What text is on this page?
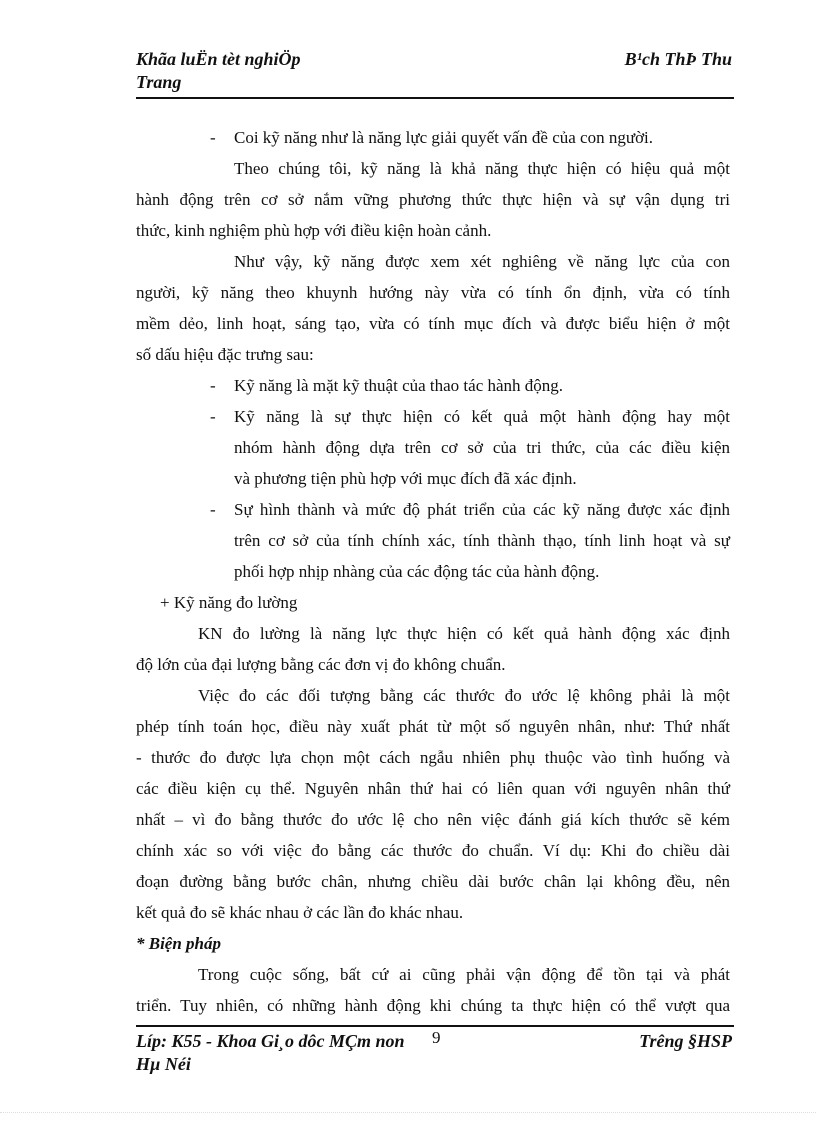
Khãa luËn tèt nghiÖp	B¹ch ThÞ Thu
Trang
- Coi kỹ năng như là năng lực giải quyết vấn đề của con người.
Theo chúng tôi, kỹ năng là khả năng thực hiện có hiệu quả một
hành động trên cơ sở nắm vững phương thức thực hiện và sự vận dụng tri
thức, kinh nghiệm phù hợp với điều kiện hoàn cảnh.
Như vậy, kỹ năng được xem xét nghiêng về năng lực của con
người, kỹ năng theo khuynh hướng này vừa có tính ổn định, vừa có tính
mềm dẻo, linh hoạt, sáng tạo, vừa có tính mục đích và được biểu hiện ở một
số dấu hiệu đặc trưng sau:
- Kỹ năng là mặt kỹ thuật của thao tác hành động.
- Kỹ năng là sự thực hiện có kết quả một hành động hay một
nhóm hành động dựa trên cơ sở của tri thức, của các điều kiện
và phương tiện phù hợp với mục đích đã xác định.
- Sự hình thành và mức độ phát triển của các kỹ năng được xác định
trên cơ sở của tính chính xác, tính thành thạo, tính linh hoạt và sự
phối hợp nhịp nhàng của các động tác của hành động.
+ Kỹ năng đo lường
KN đo lường là năng lực thực hiện có kết quả hành động xác định
độ lớn của đại lượng bằng các đơn vị đo không chuẩn.
Việc đo các đối tượng bằng các thước đo ước lệ không phải là một
phép tính toán học, điều này xuất phát từ một số nguyên nhân, như: Thứ nhất
- thước đo được lựa chọn một cách ngẫu nhiên phụ thuộc vào tình huống và
các điều kiện cụ thể. Nguyên nhân thứ hai có liên quan với nguyên nhân thứ
nhất – vì đo bằng thước đo ước lệ cho nên việc đánh giá kích thước sẽ kém
chính xác so với việc đo bằng các thước đo chuẩn. Ví dụ: Khi đo chiều dài
đoạn đường bằng bước chân, nhưng chiều dài bước chân lại không đều, nên
kết quả đo sẽ khác nhau ở các lần đo khác nhau.
* Biện pháp
Trong cuộc sống, bất cứ ai cũng phải vận động để tồn tại và phát
triển. Tuy nhiên, có những hành động khi chúng ta thực hiện có thể vượt qua
Líp: K55 - Khoa Gi¸o dôc MÇm non 9	Trêng §HSP
Hµ Néi
